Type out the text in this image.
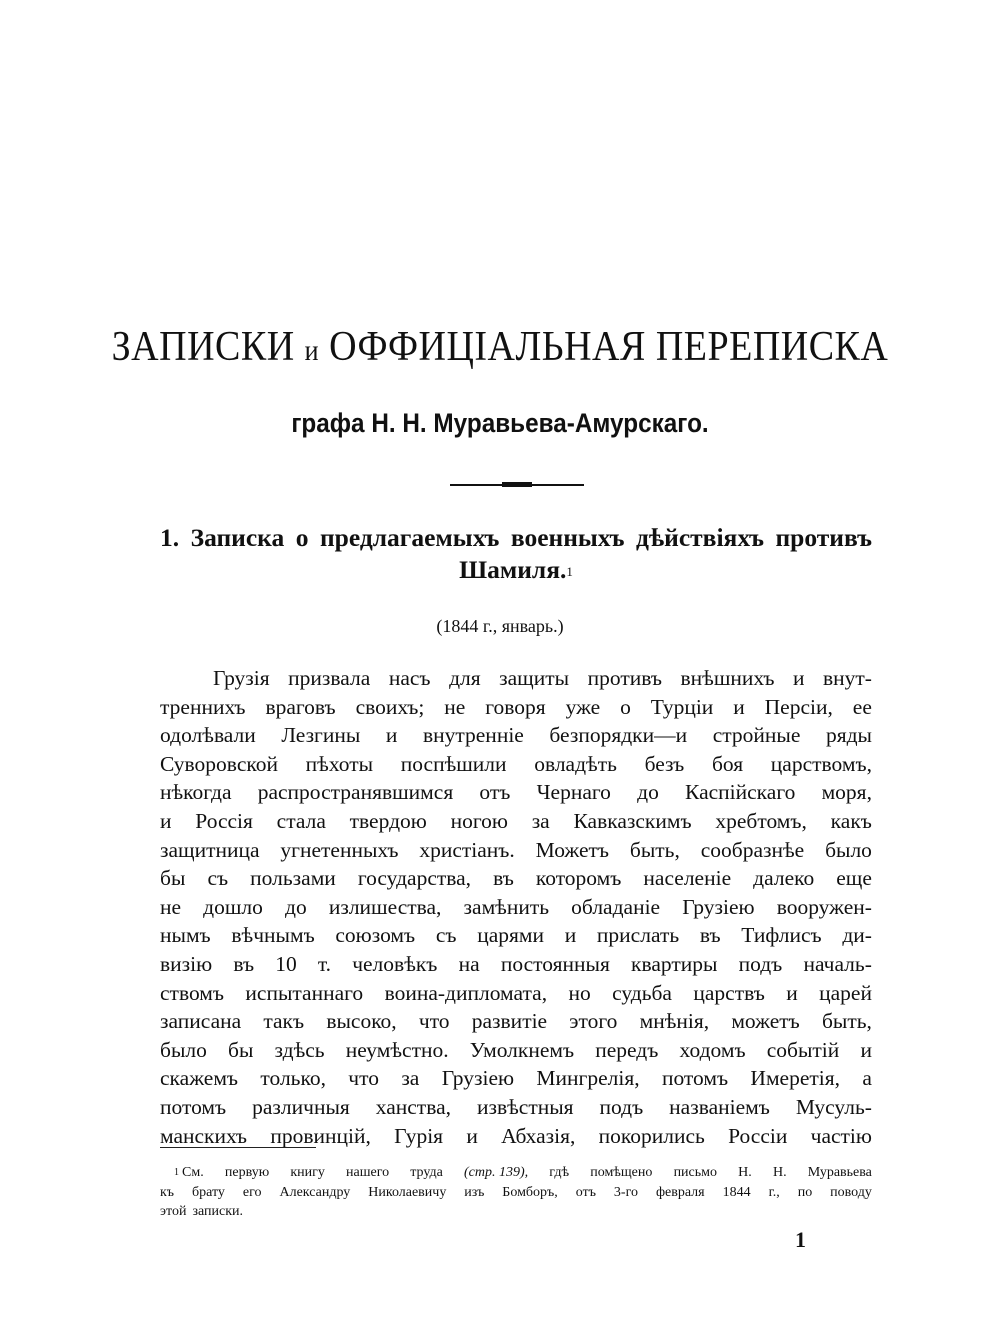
ЗАПИСКИ и ОФФИЦІАЛЬНАЯ ПЕРЕПИСКА
графа Н. Н. Муравьева-Амурскаго.
1. Записка о предлагаемыхъ военныхъ дѣйствіяхъ противъ
Шамиля.$^1$
(1844 г., январь.)
Грузія призвала насъ для защиты противъ внѣшнихъ и внут-
треннихъ враговъ своихъ; не говоря уже о Турціи и Персіи, ее
одолѣвали Лезгины и внутренніе безпорядки—и стройные ряды
Суворовской пѣхоты поспѣшили овладѣть безъ боя царствомъ,
нѣкогда распространявшимся отъ Чернаго до Каспійскаго моря,
и Россія стала твердою ногою за Кавказскимъ хребтомъ, какъ
защитница угнетенныхъ христіанъ. Можетъ быть, сообразнѣе было
бы съ пользами государства, въ которомъ населеніе далеко еще
не дошло до излишества, замѣнить обладаніе Грузіею вооружен-
нымъ вѣчнымъ союзомъ съ царями и прислать въ Тифлисъ ди-
визію въ 10 т. человѣкъ на постоянныя квартиры подъ началь-
ствомъ испытаннаго воина-дипломата, но судьба царствъ и царей
записана такъ высоко, что развитіе этого мнѣнія, можетъ быть,
было бы здѣсь неумѣстно. Умолкнемъ передъ ходомъ событій и
скажемъ только, что за Грузіею Мингрелія, потомъ Имеретія, а
потомъ различныя ханства, извѣстныя подъ названіемъ Мусуль-
манскихъ провинцій, Гурія и Абхазія, покорились Россіи частію
$^1$ См. первую книгу нашего труда (стр. 139), гдѣ помѣщено письмо Н. Н. Муравьева
къ брату его Александру Николаевичу изъ Бомборъ, отъ 3-го февраля 1844 г., по поводу
этой записки.
1
